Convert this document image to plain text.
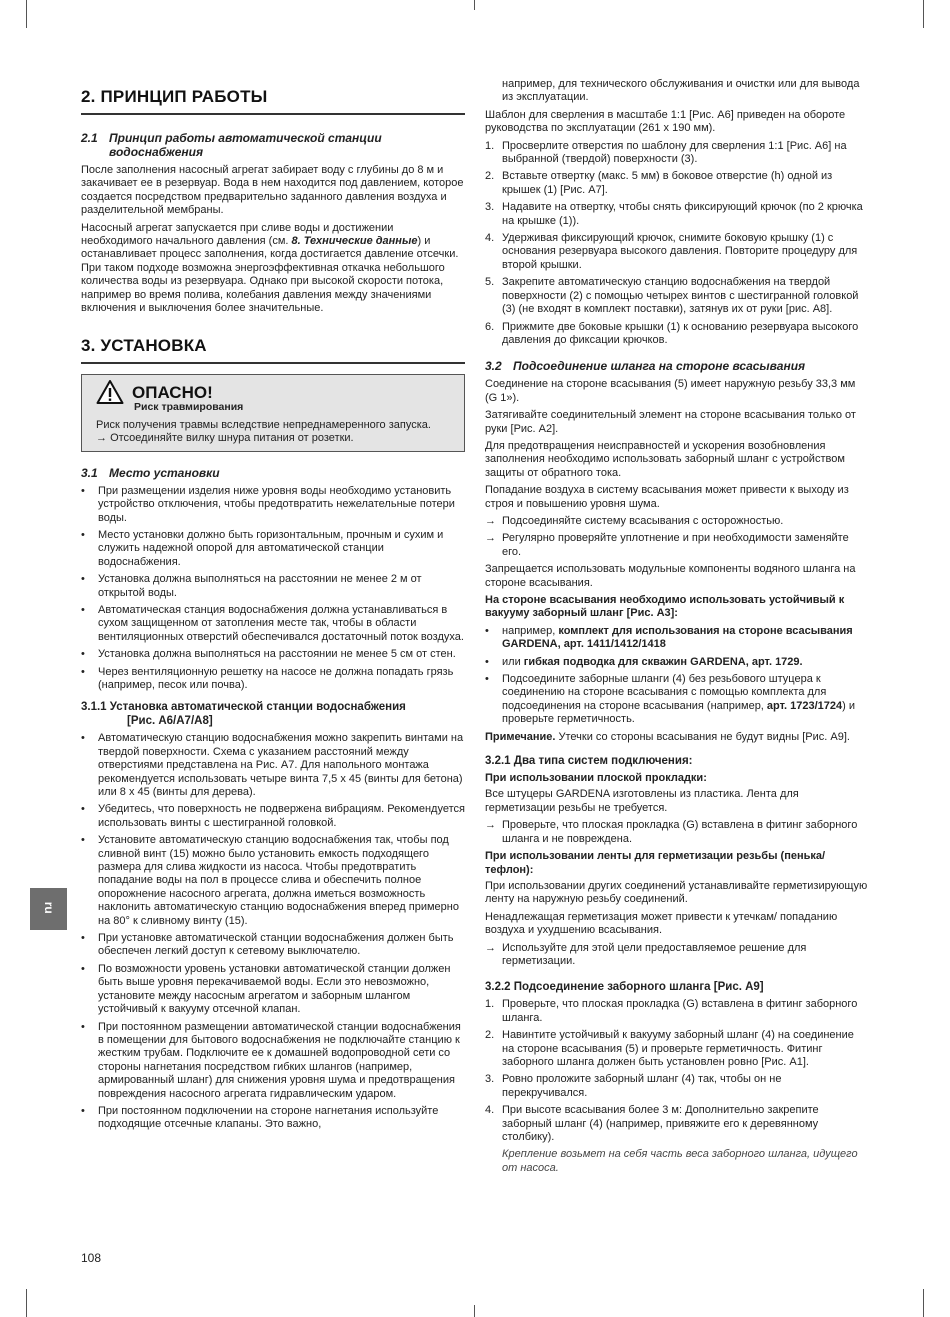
ru
2. ПРИНЦИП РАБОТЫ
2.1 Принцип работы автоматической станции
водоснабжения

После заполнения насосный агрегат забирает воду с глубины до 8 м и закачивает ее в резервуар. Вода в нем находится под давлением, которое создается посредством предварительно заданного давления воздуха и разделительной мембраны.

Насосный агрегат запускается при сливе воды и достижении необходимого начального давления (см. 8. Технические данные) и останавливает процесс заполнения, когда достигается давление отсечки. При таком подходе возможна энергоэффективная откачка небольшого количества воды из резервуара. Однако при высокой скорости потока, например во время полива, колебания давления между значениями включения и выключения более значительные.

3. УСТАНОВКА
ОПАСНО!
Риск травмирования
Риск получения травмы вследствие непреднамеренного запуска.
→ Отсоединяйте вилку шнура питания от розетки.
3.1 Место установки
• При размещении изделия ниже уровня воды необходимо установить устройство отключения, чтобы предотвратить нежелательные потери воды.
• Место установки должно быть горизонтальным, прочным и сухим и служить надежной опорой для автоматической станции водоснабжения.
• Установка должна выполняться на расстоянии не менее 2 м от открытой воды.
• Автоматическая станция водоснабжения должна устанавливаться в сухом защищенном от затопления месте так, чтобы в области вентиляционных отверстий обеспечивался достаточный поток воздуха.
• Установка должна выполняться на расстоянии не менее 5 см от стен.
• Через вентиляционную решетку на насосе не должна попадать грязь (например, песок или почва).
3.1.1 Установка автоматической станции водоснабжения
[Рис. A6/A7/A8]
• Автоматическую станцию водоснабжения можно закрепить винтами на твердой поверхности. Схема с указанием расстояний между отверстиями представлена на Рис. A7. Для напольного монтажа рекомендуется использовать четыре винта 7,5 x 45 (винты для бетона) или 8 x 45 (винты для дерева).
• Убедитесь, что поверхность не подвержена вибрациям. Рекомендуется использовать винты с шестигранной головкой.
• Установите автоматическую станцию водоснабжения так, чтобы под сливной винт (15) можно было установить емкость подходящего размера для слива жидкости из насоса. Чтобы предотвратить попадание воды на пол в процессе слива и обеспечить полное опорожнение насосного агрегата, должна иметься возможность наклонить автоматическую станцию водоснабжения вперед примерно на 80° к сливному винту (15).
• При установке автоматической станции водоснабжения должен быть обеспечен легкий доступ к сетевому выключателю.
• По возможности уровень установки автоматической станции должен быть выше уровня перекачиваемой воды. Если это невозможно, установите между насосным агрегатом и заборным шлангом устойчивый к вакууму отсечной клапан.
• При постоянном размещении автоматической станции водоснабжения в помещении для бытового водоснабжения не подключайте станцию к жестким трубам. Подключите ее к домашней водопроводной сети со стороны нагнетания посредством гибких шлангов (например, армированный шланг) для снижения уровня шума и предотвращения повреждения насосного агрегата гидравлическим ударом.
• При постоянном подключении на стороне нагнетания используйте подходящие отсечные клапаны. Это важно,

например, для технического обслуживания и очистки или для вывода из эксплуатации.

Шаблон для сверления в масштабе 1:1 [Рис. A6] приведен на обороте руководства по эксплуатации (261 x 190 мм).

1. Просверлите отверстия по шаблону для сверления 1:1 [Рис. A6] на выбранной (твердой) поверхности (3).
2. Вставьте отвертку (макс. 5 мм) в боковое отверстие (h) одной из крышек (1) [Рис. A7].
3. Надавите на отвертку, чтобы снять фиксирующий крючок (по 2 крючка на крышке (1)).
4. Удерживая фиксирующий крючок, снимите боковую крышку (1) с основания резервуара высокого давления. Повторите процедуру для второй крышки.
5. Закрепите автоматическую станцию водоснабжения на твердой поверхности (2) с помощью четырех винтов с шестигранной головкой (3) (не входят в комплект поставки), затянув их от руки [рис. A8].
6. Прижмите две боковые крышки (1) к основанию резервуара высокого давления до фиксации крючков.
3.2 Подсоединение шланга на стороне всасывания

Соединение на стороне всасывания (5) имеет наружную резьбу 33,3 мм (G 1»).

Затягивайте соединительный элемент на стороне всасывания только от руки [Рис. A2].

Для предотвращения неисправностей и ускорения возобновления заполнения необходимо использовать заборный шланг с устройством защиты от обратного тока.

Попадание воздуха в систему всасывания может привести к выходу из строя и повышению уровня шума.

→ Подсоединяйте систему всасывания с осторожностью.
→ Регулярно проверяйте уплотнение и при необходимости заменяйте его.

Запрещается использовать модульные компоненты водяного шланга на стороне всасывания.

На стороне всасывания необходимо использовать устойчивый к вакууму заборный шланг [Рис. A3]:

• например, комплект для использования на стороне всасывания GARDENA, арт. 1411/1412/1418
• или гибкая подводка для скважин GARDENA, арт. 1729.
• Подсоедините заборные шланги (4) без резьбового штуцера к соединению на стороне всасывания с помощью комплекта для подсоединения на стороне всасывания (например, арт. 1723/1724) и проверьте герметичность.

Примечание. Утечки со стороны всасывания не будут видны [Рис. A9].

3.2.1 Два типа систем подключения:
При использовании плоской прокладки:

Все штуцеры GARDENA изготовлены из пластика. Лента для герметизации резьбы не требуется.

→ Проверьте, что плоская прокладка (G) вставлена в фитинг заборного шланга и не повреждена.
При использовании ленты для герметизации резьбы (пенька/ тефлон):

При использовании других соединений устанавливайте герметизирующую ленту на наружную резьбу соединений.

Ненадлежащая герметизация может привести к утечкам/ попаданию воздуха и ухудшению всасывания.

→ Используйте для этой цели предоставляемое решение для герметизации.
3.2.2 Подсоединение заборного шланга [Рис. A9]
1. Проверьте, что плоская прокладка (G) вставлена в фитинг заборного шланга.
2. Навинтите устойчивый к вакууму заборный шланг (4) на соединение на стороне всасывания (5) и проверьте герметичность. Фитинг заборного шланга должен быть установлен ровно [Рис. A1].
3. Ровно проложите заборный шланг (4) так, чтобы он не перекручивался.
4. При высоте всасывания более 3 м: Дополнительно закрепите заборный шланг (4) (например, привяжите его к деревянному столбику).

Крепление возьмет на себя часть веса заборного шланга, идущего от насоса.

108
